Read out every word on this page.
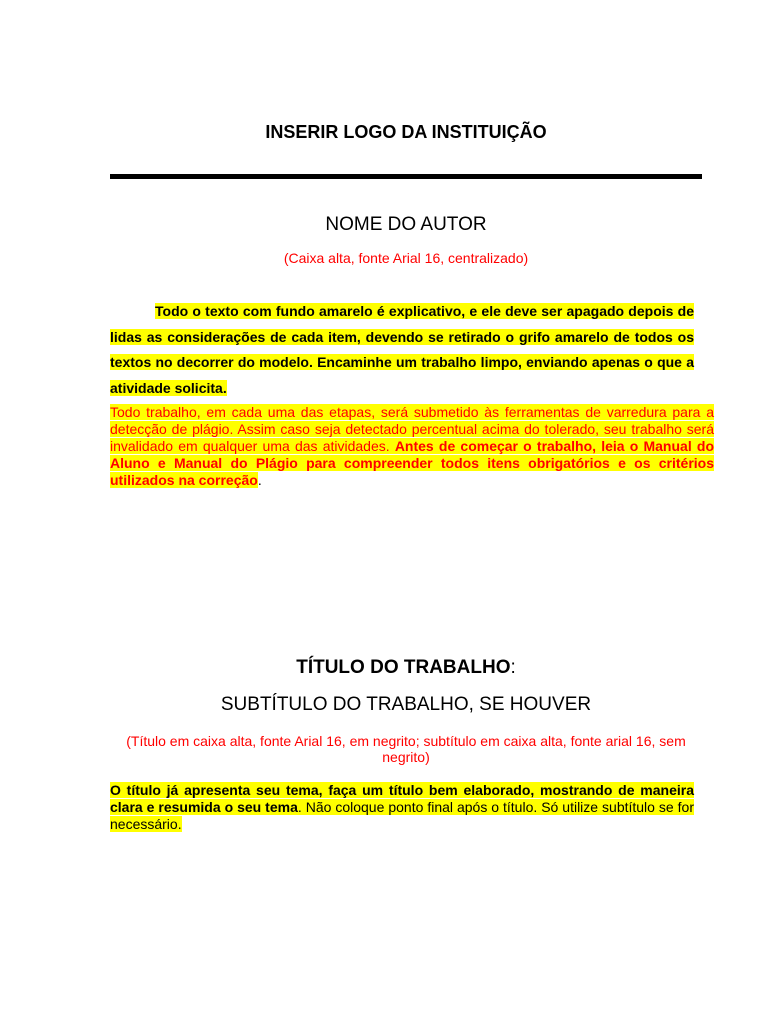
INSERIR LOGO DA INSTITUIÇÃO
NOME DO AUTOR
(Caixa alta, fonte Arial 16, centralizado)

Todo o texto com fundo amarelo é explicativo, e ele deve ser apagado depois de lidas as considerações de cada item, devendo se retirado o grifo amarelo de todos os textos no decorrer do modelo. Encaminhe um trabalho limpo, enviando apenas o que a atividade solicita.

Todo trabalho, em cada uma das etapas, será submetido às ferramentas de varredura para a detecção de plágio. Assim caso seja detectado percentual acima do tolerado, seu trabalho será invalidado em qualquer uma das atividades. Antes de começar o trabalho, leia o Manual do Aluno e Manual do Plágio para compreender todos itens obrigatórios e os critérios utilizados na correção.

TÍTULO DO TRABALHO:
SUBTÍTULO DO TRABALHO, SE HOUVER

(Título em caixa alta, fonte Arial 16, em negrito; subtítulo em caixa alta, fonte arial 16, sem negrito)

O título já apresenta seu tema, faça um título bem elaborado, mostrando de maneira clara e resumida o seu tema. Não coloque ponto final após o título. Só utilize subtítulo se for necessário.
